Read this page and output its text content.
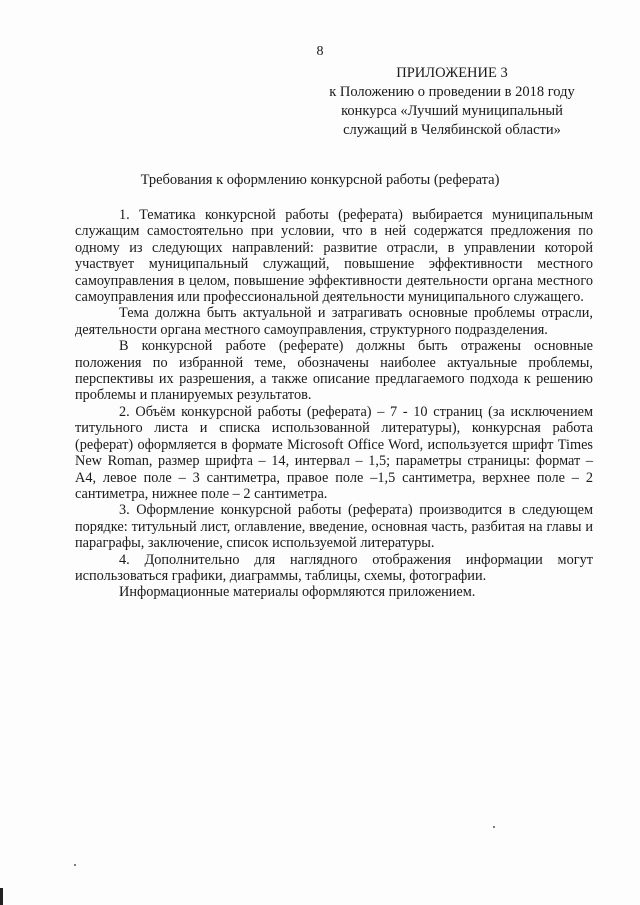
8
ПРИЛОЖЕНИЕ 3
к Положению о проведении в 2018 году
конкурса «Лучший муниципальный
служащий в Челябинской области»
Требования к оформлению конкурсной работы (реферата)

1. Тематика конкурсной работы (реферата) выбирается муниципальным служащим самостоятельно при условии, что в ней содержатся предложения по одному из следующих направлений: развитие отрасли, в управлении которой участвует муниципальный служащий, повышение эффективности местного самоуправления в целом, повышение эффективности деятельности органа местного самоуправления или профессиональной деятельности муниципального служащего.

Тема должна быть актуальной и затрагивать основные проблемы отрасли, деятельности органа местного самоуправления, структурного подразделения.

В конкурсной работе (реферате) должны быть отражены основные положения по избранной теме, обозначены наиболее актуальные проблемы, перспективы их разрешения, а также описание предлагаемого подхода к решению проблемы и планируемых результатов.

2. Объём конкурсной работы (реферата) – 7 - 10 страниц (за исключением титульного листа и списка использованной литературы), конкурсная работа (реферат) оформляется в формате Microsoft Office Word, используется шрифт Times New Roman, размер шрифта – 14, интервал – 1,5; параметры страницы: формат – А4, левое поле – 3 сантиметра, правое поле –1,5 сантиметра, верхнее поле – 2 сантиметра, нижнее поле – 2 сантиметра.

3. Оформление конкурсной работы (реферата) производится в следующем порядке: титульный лист, оглавление, введение, основная часть, разбитая на главы и параграфы, заключение, список используемой литературы.

4. Дополнительно для наглядного отображения информации могут использоваться графики, диаграммы, таблицы, схемы, фотографии.

Информационные материалы оформляются приложением.
